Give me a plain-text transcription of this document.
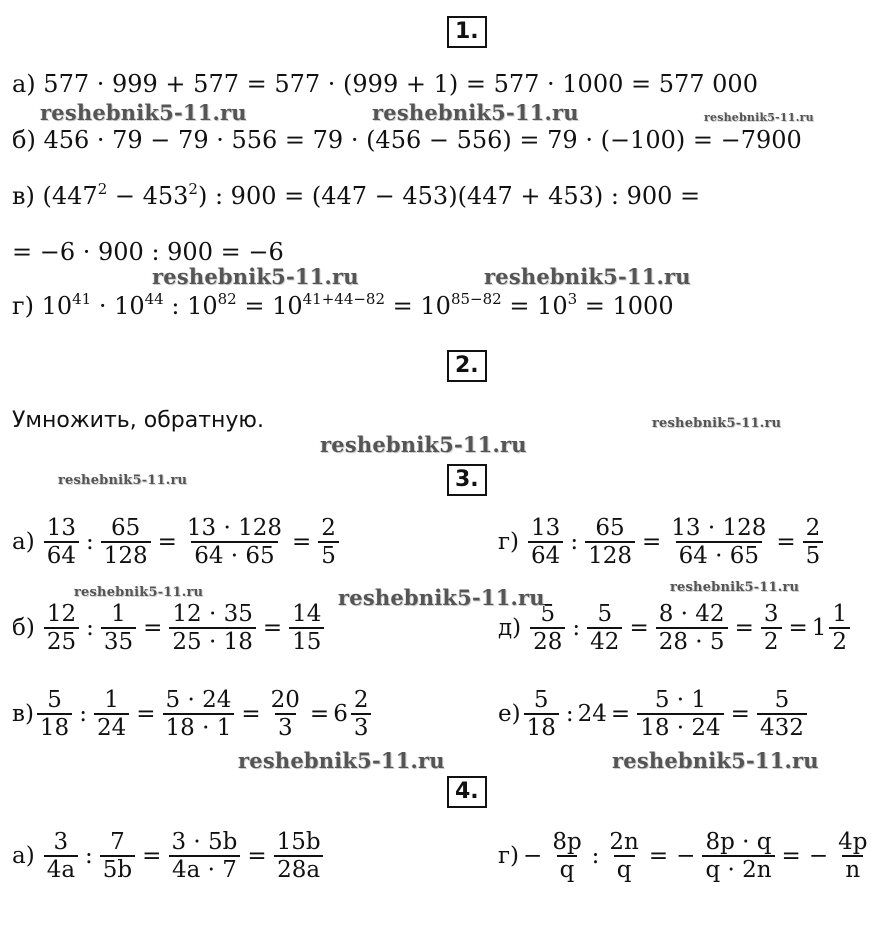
1.
а) 577 · 999 + 577 = 577 · (999 + 1) = 577 · 1000 = 577 000
б) 456 · 79 − 79 · 556 = 79 · (456 − 556) = 79 · (−100) = −7900
в) $(447^2 - 453^2)$ : 900 = (447 − 453)(447 + 453) : 900 =
= −6 · 900 : 900 = −6
г) $10^{41} \cdot 10^{44}$ : $10^{82} = 10^{41+44-82} = 10^{85-82} = 10^3 = 1000$
2.
Умножить, обратную.
3.
$а) \frac{13}{64}$ : $\frac{65}{128} = \frac{13 \cdot 128}{64 \cdot 65} = \frac{2}{5}$	$г) \frac{13}{64}$ : $\frac{65}{128} = \frac{13 \cdot 128}{64 \cdot 65} = \frac{2}{5}$
$б) \frac{12}{25}$ : $\frac{1}{35} = \frac{12 \cdot 35}{25 \cdot 18} = \frac{14}{15}$	$д) \frac{5}{28}$ : $\frac{5}{42} = \frac{8 \cdot 42}{28 \cdot 5} = \frac{3}{2} = 1 \frac{1}{2}$
$в) \frac{5}{18}$ : $\frac{1}{24} = \frac{5 \cdot 24}{18 \cdot 1} = \frac{20}{3} = 6 \frac{2}{3}$	$е) \frac{5}{18}$ : $24 = \frac{5 \cdot 1}{18 \cdot 24} = \frac{5}{432}$
4.
$а) \frac{3}{4a}$ : $\frac{7}{5b} = \frac{3 \cdot 5b}{4a \cdot 7} = \frac{15b}{28a}$	$г) - \frac{8p}{q}$ : $\frac{2n}{q}$ = − $\frac{8p \cdot q}{q \cdot 2n}$ = − $\frac{4p}{n}$
reshebnik5-11.ru	reshebnik5-11.ru	reshebnik5-11.ru
reshebnik5-11.ru	reshebnik5-11.ru
reshebnik5-11.ru
reshebnik5-11.ru
reshebnik5-11.ru
reshebnik5-11.ru	reshebnik5-11.ru	reshebnik5-11.ru
reshebnik5-11.ru	reshebnik5-11.ru
